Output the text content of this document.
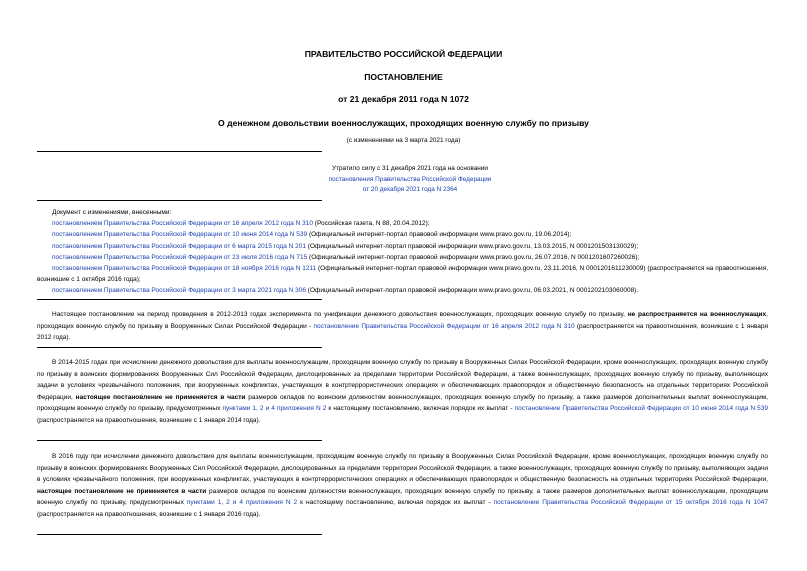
ПРАВИТЕЛЬСТВО РОССИЙСКОЙ ФЕДЕРАЦИИ
ПОСТАНОВЛЕНИЕ
от 21 декабря 2011 года N 1072
О денежном довольствии военнослужащих, проходящих военную службу по призыву
(с изменениями на 3 марта 2021 года)
Утратило силу с 31 декабря 2021 года на основании
постановления Правительства Российской Федерации
от 20 декабря 2021 года N 2364
Документ с изменениями, внесенными:
постановлением Правительства Российской Федерации от 16 апреля 2012 года N 310 (Российская газета, N 88, 20.04.2012);
постановлением Правительства Российской Федерации от 10 июня 2014 года N 539 (Официальный интернет-портал правовой информации www.pravo.gov.ru, 19.06.2014);
постановлением Правительства Российской Федерации от 6 марта 2015 года N 201 (Официальный интернет-портал правовой информации www.pravo.gov.ru, 13.03.2015, N 0001201503130029);
постановлением Правительства Российской Федерации от 23 июля 2016 года N 715 (Официальный интернет-портал правовой информации www.pravo.gov.ru, 26.07.2016, N 0001201607260026);
постановлением Правительства Российской Федерации от 18 ноября 2016 года N 1211 (Официальный интернет-портал правовой информации www.pravo.gov.ru, 23.11.2016, N 0001201611230009) (распространяется на правоотношения, возникшие с 1 октября 2016 года);
постановлением Правительства Российской Федерации от 3 марта 2021 года N 306 (Официальный интернет-портал правовой информации www.pravo.gov.ru, 06.03.2021, N 0001202103060008).
Настоящее постановление на период проведения в 2012-2013 годах эксперимента по унификации денежного довольствия военнослужащих, проходящих военную службу по призыву, не распространяется на военнослужащих, проходящих военную службу по призыву в Вооруженных Силах Российской Федерации - постановление Правительства Российской Федерации от 16 апреля 2012 года N 310 (распространяется на правоотношения, возникшие с 1 января 2012 года).
В 2014-2015 годах при исчислении денежного довольствия для выплаты военнослужащим, проходящим военную службу по призыву в Вооруженных Силах Российской Федерации, кроме военнослужащих, проходящих военную службу по призыву в воинских формированиях Вооруженных Сил Российской Федерации, дислоцированных за пределами территории Российской Федерации, а также военнослужащих, проходящих военную службу по призыву, выполняющих задачи в условиях чрезвычайного положения, при вооруженных конфликтах, участвующих в контртеррористических операциях и обеспечивающих правопорядок и общественную безопасность на отдельных территориях Российской Федерации, настоящее постановление не применяется в части размеров окладов по воинским должностям военнослужащих, проходящих военную службу по призыву, а также размеров дополнительных выплат военнослужащим, проходящим военную службу по призыву, предусмотренных пунктами 1, 2 и 4 приложения N 2 к настоящему постановлению, включая порядок их выплат - постановление Правительства Российской Федерации от 10 июня 2014 года N 539 (распространяется на правоотношения, возникшие с 1 января 2014 года).
В 2016 году при исчислении денежного довольствия для выплаты военнослужащим, проходящим военную службу по призыву в Вооруженных Силах Российской Федерации, кроме военнослужащих, проходящих военную службу по призыву в воинских формированиях Вооруженных Сил Российской Федерации, дислоцированных за пределами территории Российской Федерации, а также военнослужащих, проходящих военную службу по призыву, выполняющих задачи в условиях чрезвычайного положения, при вооруженных конфликтах, участвующих в контртеррористических операциях и обеспечивающих правопорядок и общественную безопасность на отдельных территориях Российской Федерации, настоящее постановление не применяется в части размеров окладов по воинским должностям военнослужащих, проходящих военную службу по призыву, а также размеров дополнительных выплат военнослужащим, проходящим военную службу по призыву, предусмотренных пунктами 1, 2 и 4 приложения N 2 к настоящему постановлению, включая порядок их выплат - постановление Правительства Российской Федерации от 15 октября 2016 года N 1047 (распространяется на правоотношения, возникшие с 1 января 2016 года).
